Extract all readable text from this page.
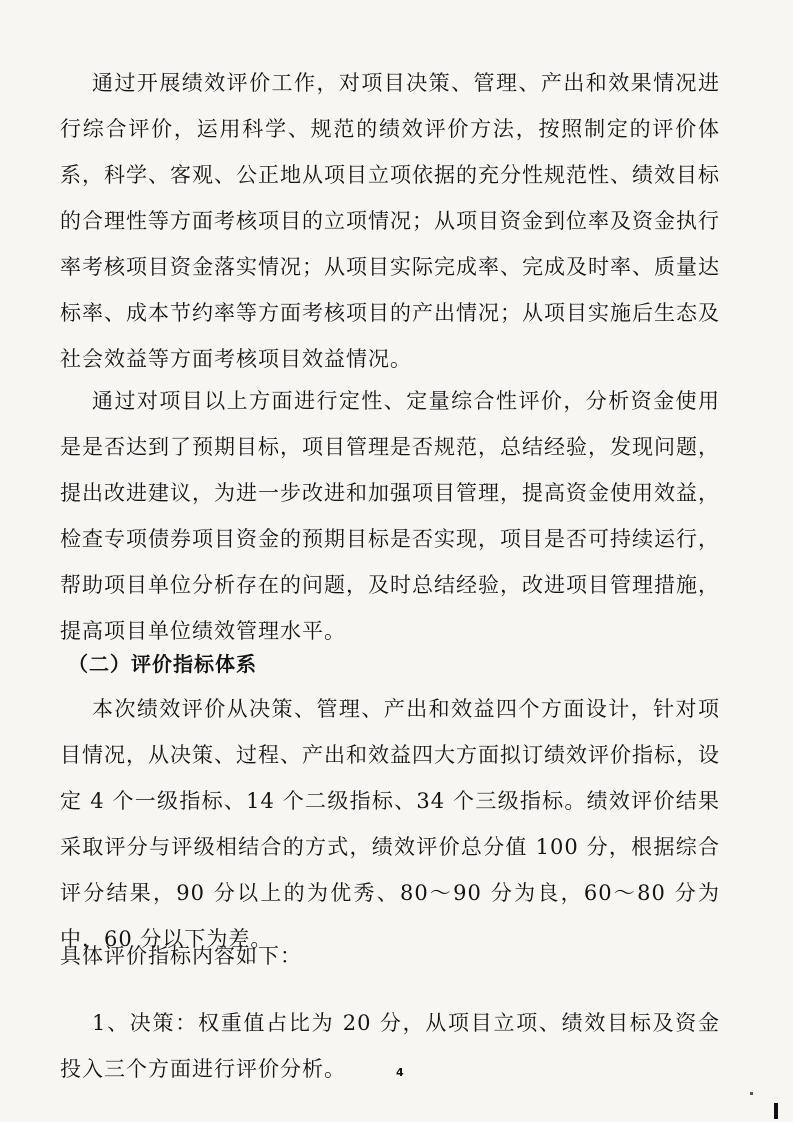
通过开展绩效评价工作，对项目决策、管理、产出和效果情况进行综合评价，运用科学、规范的绩效评价方法，按照制定的评价体系，科学、客观、公正地从项目立项依据的充分性规范性、绩效目标的合理性等方面考核项目的立项情况；从项目资金到位率及资金执行率考核项目资金落实情况；从项目实际完成率、完成及时率、质量达标率、成本节约率等方面考核项目的产出情况；从项目实施后生态及社会效益等方面考核项目效益情况。

通过对项目以上方面进行定性、定量综合性评价，分析资金使用是是否达到了预期目标，项目管理是否规范，总结经验，发现问题，提出改进建议，为进一步改进和加强项目管理，提高资金使用效益，检查专项债券项目资金的预期目标是否实现，项目是否可持续运行，帮助项目单位分析存在的问题，及时总结经验，改进项目管理措施，提高项目单位绩效管理水平。

（二）评价指标体系

本次绩效评价从决策、管理、产出和效益四个方面设计，针对项目情况，从决策、过程、产出和效益四大方面拟订绩效评价指标，设定 4 个一级指标、14 个二级指标、34 个三级指标。绩效评价结果采取评分与评级相结合的方式，绩效评价总分值 100 分，根据综合评分结果，90 分以上的为优秀、80～90 分为良，60～80 分为中，60 分以下为差。

具体评价指标内容如下：

1、决策：权重值占比为 20 分，从项目立项、绩效目标及资金投入三个方面进行评价分析。	4
